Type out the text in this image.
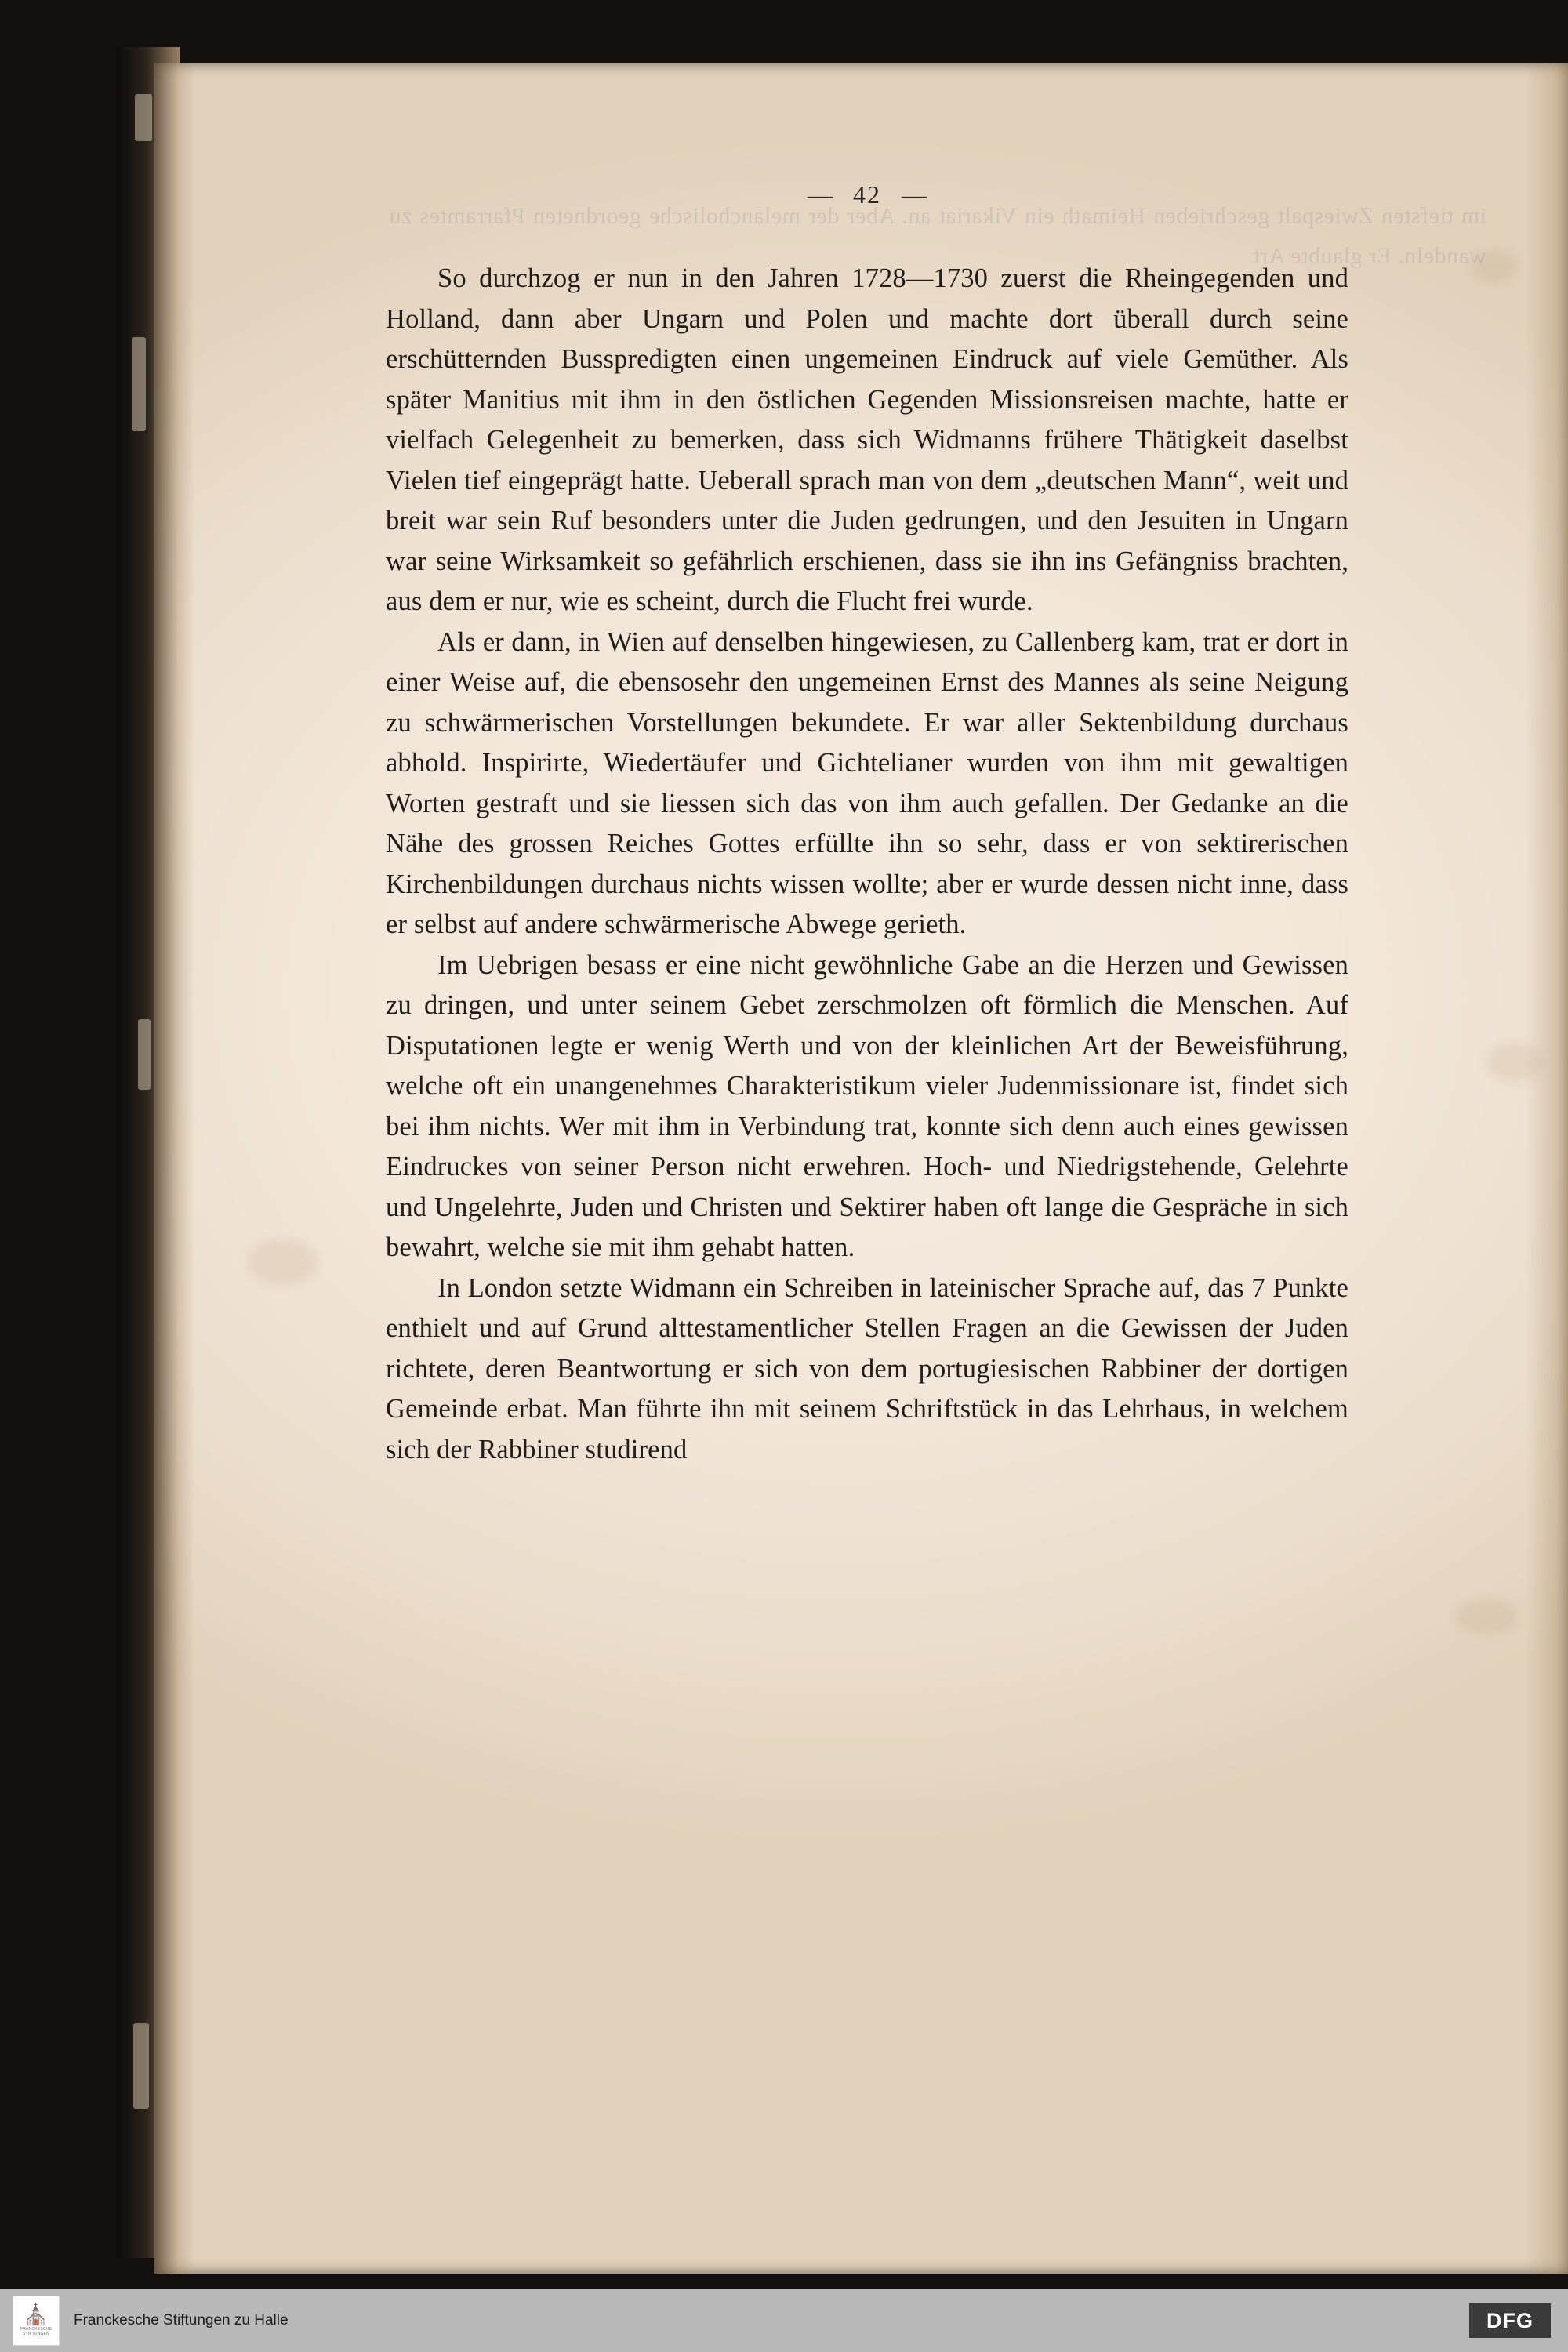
im tiefsten Zwiespalt geschrieben Heimath ein Vikariat an. Aber der melancholische geordneten Pfarramtes zu wandeln. Er glaubte Art
— 42 —

So durchzog er nun in den Jahren 1728—1730 zuerst die Rheingegenden und Holland, dann aber Ungarn und Polen und machte dort überall durch seine erschütternden Busspredigten einen ungemeinen Eindruck auf viele Gemüther. Als später Manitius mit ihm in den östlichen Gegenden Missionsreisen machte, hatte er vielfach Gelegenheit zu bemerken, dass sich Widmanns frühere Thätigkeit daselbst Vielen tief eingeprägt hatte. Ueberall sprach man von dem „deutschen Mann“, weit und breit war sein Ruf besonders unter die Juden gedrungen, und den Jesuiten in Ungarn war seine Wirksamkeit so gefährlich erschienen, dass sie ihn ins Gefängniss brachten, aus dem er nur, wie es scheint, durch die Flucht frei wurde.

Als er dann, in Wien auf denselben hingewiesen, zu Callenberg kam, trat er dort in einer Weise auf, die ebensosehr den ungemeinen Ernst des Mannes als seine Neigung zu schwärmerischen Vorstellungen bekundete. Er war aller Sektenbildung durchaus abhold. Inspirirte, Wiedertäufer und Gichtelianer wurden von ihm mit gewaltigen Worten gestraft und sie liessen sich das von ihm auch gefallen. Der Gedanke an die Nähe des grossen Reiches Gottes erfüllte ihn so sehr, dass er von sektirerischen Kirchenbildungen durchaus nichts wissen wollte; aber er wurde dessen nicht inne, dass er selbst auf andere schwärmerische Abwege gerieth.

Im Uebrigen besass er eine nicht gewöhnliche Gabe an die Herzen und Gewissen zu dringen, und unter seinem Gebet zerschmolzen oft förmlich die Menschen. Auf Disputationen legte er wenig Werth und von der kleinlichen Art der Beweisführung, welche oft ein unangenehmes Charakteristikum vieler Judenmissionare ist, findet sich bei ihm nichts. Wer mit ihm in Verbindung trat, konnte sich denn auch eines gewissen Eindruckes von seiner Person nicht erwehren. Hoch- und Niedrigstehende, Gelehrte und Ungelehrte, Juden und Christen und Sektirer haben oft lange die Gespräche in sich bewahrt, welche sie mit ihm gehabt hatten.

In London setzte Widmann ein Schreiben in lateinischer Sprache auf, das 7 Punkte enthielt und auf Grund alttestamentlicher Stellen Fragen an die Gewissen der Juden richtete, deren Beantwortung er sich von dem portugiesischen Rabbiner der dortigen Gemeinde erbat. Man führte ihn mit seinem Schriftstück in das Lehrhaus, in welchem sich der Rabbiner studirend

⛪
FRANCKESCHE STIFTUNGEN
Franckesche Stiftungen zu Halle	DFG
